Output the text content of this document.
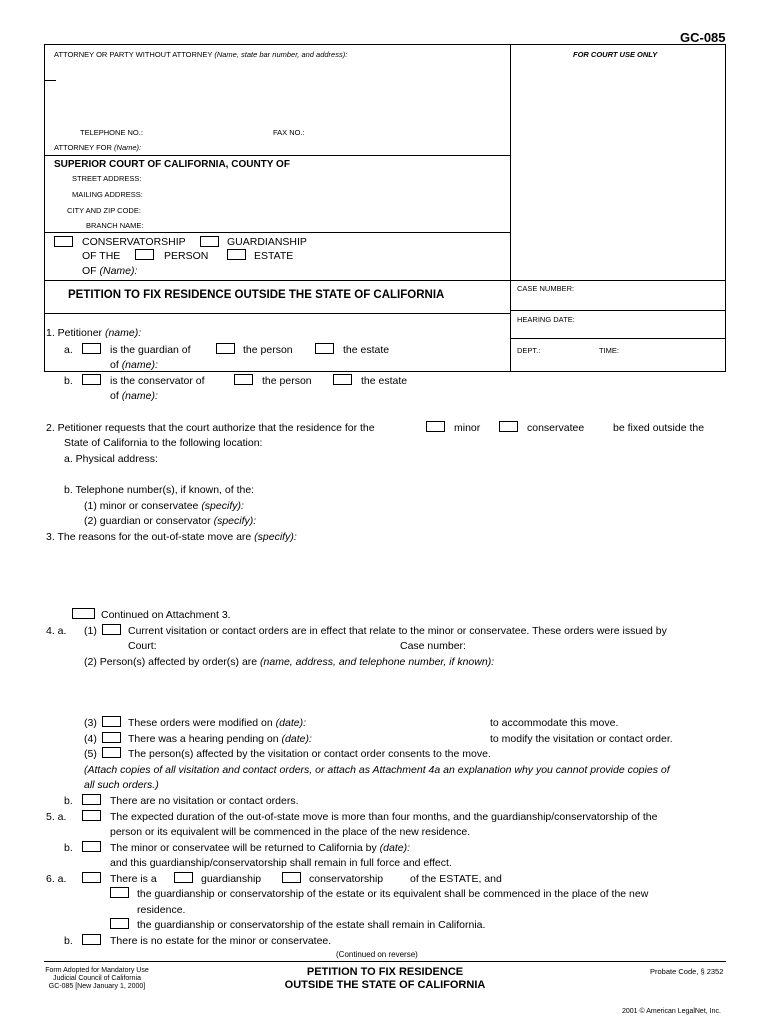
GC-085
ATTORNEY OR PARTY WITHOUT ATTORNEY (Name, state bar number, and address):	FOR COURT USE ONLY
TELEPHONE NO.:	FAX NO.:
ATTORNEY FOR (Name):
SUPERIOR COURT OF CALIFORNIA, COUNTY OF
STREET ADDRESS:
MAILING ADDRESS:
CITY AND ZIP CODE:
BRANCH NAME:
CONSERVATORSHIP	GUARDIANSHIP
OF THE	PERSON	ESTATE
OF (Name):
PETITION TO FIX RESIDENCE OUTSIDE THE STATE OF CALIFORNIA
CASE NUMBER:
HEARING DATE:
DEPT.:	TIME:
1. Petitioner (name):
a.	is the guardian of	the person	the estate
of (name):
b.	is the conservator of	the person	the estate
of (name):
2. Petitioner requests that the court authorize that the residence for the	minor	conservatee	be fixed outside the
State of California to the following location:
a. Physical address:
b. Telephone number(s), if known, of the:
(1) minor or conservatee (specify):
(2) guardian or conservator (specify):
3. The reasons for the out-of-state move are (specify):
Continued on Attachment 3.
4. a. (1)	Current visitation or contact orders are in effect that relate to the minor or conservatee. These orders were issued by
Court:	Case number:
(2) Person(s) affected by order(s) are (name, address, and telephone number, if known):
(3)	These orders were modified on (date):	to accommodate this move.
(4)	There was a hearing pending on (date):	to modify the visitation or contact order.
(5)	The person(s) affected by the visitation or contact order consents to the move.
(Attach copies of all visitation and contact orders, or attach as Attachment 4a an explanation why you cannot provide copies of
all such orders.)
b.	There are no visitation or contact orders.
5. a.	The expected duration of the out-of-state move is more than four months, and the guardianship/conservatorship of the
person or its equivalent will be commenced in the place of the new residence.
b.	The minor or conservatee will be returned to California by (date):
and this guardianship/conservatorship shall remain in full force and effect.
6. a.	There is a	guardianship	conservatorship	of the ESTATE, and
the guardianship or conservatorship of the estate or its equivalent shall be commenced in the place of the new
residence.
the guardianship or conservatorship of the estate shall remain in California.
b.	There is no estate for the minor or conservatee.
(Continued on reverse)
Form Adopted for Mandatory Use
Judicial Council of California
GC-085 [New January 1, 2000]
PETITION TO FIX RESIDENCE
OUTSIDE THE STATE OF CALIFORNIA
Probate Code, § 2352
2001 © American LegalNet, Inc.
